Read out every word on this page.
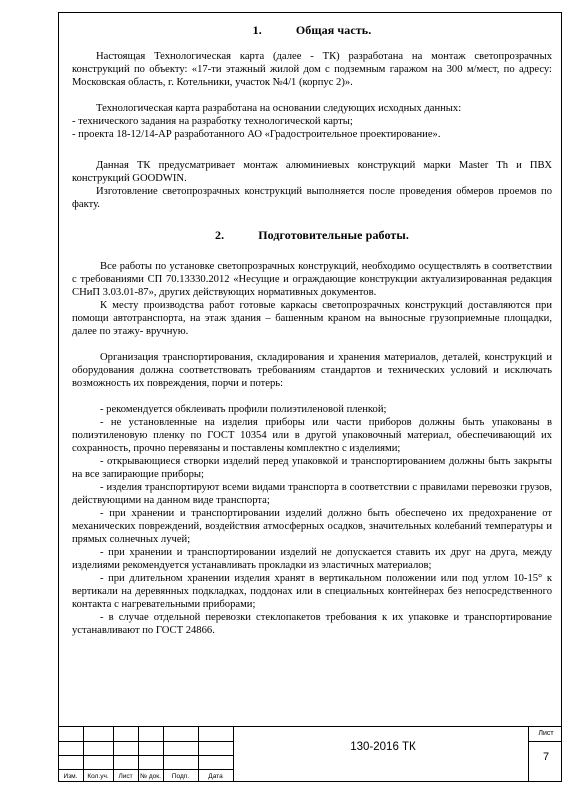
1.	Общая часть.

Настоящая Технологическая карта (далее - ТК) разработана на монтаж светопрозрачных конструкций по объекту: «17-ти этажный жилой дом с подземным гаражом на 300 м/мест, по адресу: Московская область, г. Котельники, участок №4/1 (корпус 2)».

Технологическая карта разработана на основании следующих исходных данных:

- технического задания на разработку технологической карты;

- проекта 18-12/14-АР разработанного АО «Градостроительное проектирование».

Данная ТК предусматривает монтаж алюминиевых конструкций марки Master Th и ПВХ конструкций GOODWIN.

Изготовление светопрозрачных конструкций выполняется после проведения обмеров проемов по факту.

2.	Подготовительные работы.

Все работы по установке светопрозрачных конструкций, необходимо осуществлять в соответствии с требованиями СП 70.13330.2012 «Несущие и ограждающие конструкции актуализированная редакция СНиП 3.03.01-87», других действующих нормативных документов.

К месту производства работ готовые каркасы светопрозрачных конструкций доставляются при помощи автотранспорта, на этаж здания – башенным краном на выносные грузоприемные площадки, далее по этажу- вручную.

Организация транспортирования, складирования и хранения материалов, деталей, конструкций и оборудования должна соответствовать требованиям стандартов и технических условий и исключать возможность их повреждения, порчи и потерь:

- рекомендуется обклеивать профили полиэтиленовой пленкой;

- не установленные на изделия приборы или части приборов должны быть упакованы в полиэтиленовую пленку по ГОСТ 10354 или в другой упаковочный материал, обеспечивающий их сохранность, прочно перевязаны и поставлены комплектно с изделиями;

- открывающиеся створки изделий перед упаковкой и транспортированием должны быть закрыты на все запирающие приборы;

- изделия транспортируют всеми видами транспорта в соответствии с правилами перевозки грузов, действующими на данном виде транспорта;

- при хранении и транспортировании изделий должно быть обеспечено их предохранение от механических повреждений, воздействия атмосферных осадков, значительных колебаний температуры и прямых солнечных лучей;

- при хранении и транспортировании изделий не допускается ставить их друг на друга, между изделиями рекомендуется устанавливать прокладки из эластичных материалов;

- при длительном хранении изделия хранят в вертикальном положении или под углом 10-15° к вертикали на деревянных подкладках, поддонах или в специальных контейнерах без непосредственного контакта с нагревательными приборами;

- в случае отдельной перевозки стеклопакетов требования к их упаковке и транспортирование устанавливают по ГОСТ 24866.

Изм.	Кол.уч.	Лист	№ док.	Подп.	Дата
130-2016 ТК
Лист
7
